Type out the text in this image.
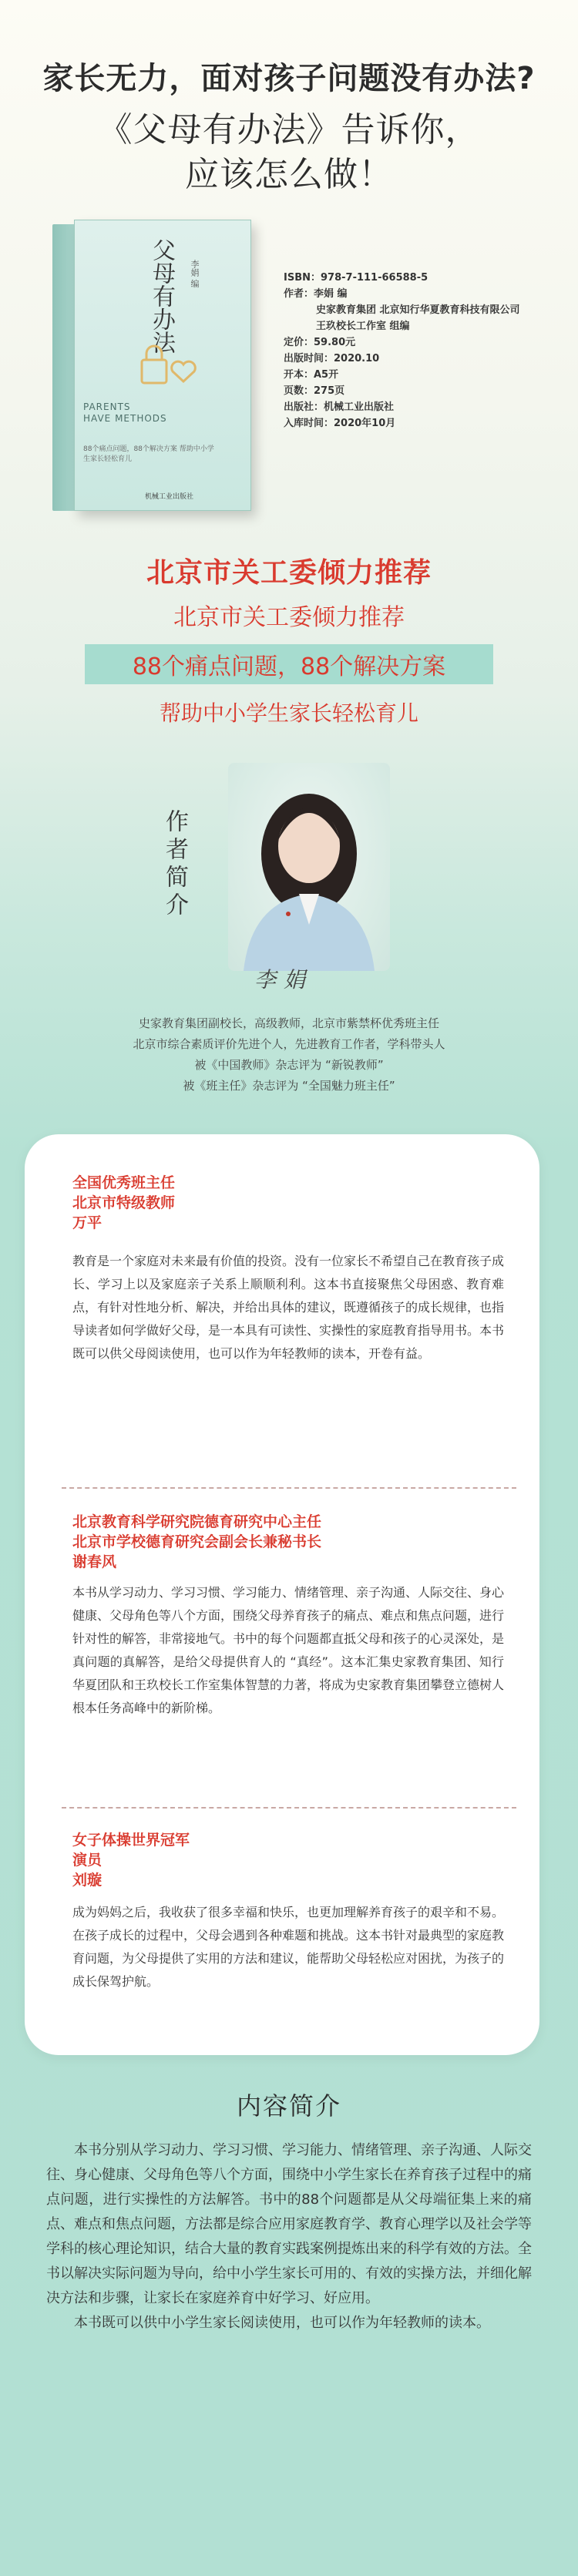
家长无力，面对孩子问题没有办法?
《父母有办法》告诉你，
应该怎么做！
父母有办法 李娟 编
PARENTS
HAVE METHODS
88个痛点问题，88个解决方案 帮助中小学生家长轻松育儿
机械工业出版社
ISBN：978-7-111-66588-5
作者：李娟 编
史家教育集团 北京知行华夏教育科技有限公司
王玖校长工作室 组编
定价：59.80元
出版时间：2020.10
开本：A5开
页数：275页
出版社：机械工业出版社
入库时间：2020年10月
北京市关工委倾力推荐
北京市关工委倾力推荐
88个痛点问题，88个解决方案
帮助中小学生家长轻松育儿
作者简介
李娟
史家教育集团副校长，高级教师，北京市紫禁杯优秀班主任
北京市综合素质评价先进个人，先进教育工作者，学科带头人
被《中国教师》杂志评为 “新锐教师”
被《班主任》杂志评为 “全国魅力班主任”
全国优秀班主任
北京市特级教师
万平
教育是一个家庭对未来最有价值的投资。没有一位家长不希望自己在教育孩子成长、学习上以及家庭亲子关系上顺顺利利。这本书直接聚焦父母困惑、教育难点，有针对性地分析、解决，并给出具体的建议，既遵循孩子的成长规律，也指导读者如何学做好父母，是一本具有可读性、实操性的家庭教育指导用书。本书既可以供父母阅读使用，也可以作为年轻教师的读本，开卷有益。
北京教育科学研究院德育研究中心主任
北京市学校德育研究会副会长兼秘书长
谢春风
本书从学习动力、学习习惯、学习能力、情绪管理、亲子沟通、人际交往、身心健康、父母角色等八个方面，围绕父母养育孩子的痛点、难点和焦点问题，进行针对性的解答，非常接地气。书中的每个问题都直抵父母和孩子的心灵深处，是真问题的真解答，是给父母提供育人的 “真经”。这本汇集史家教育集团、知行华夏团队和王玖校长工作室集体智慧的力著，将成为史家教育集团攀登立德树人根本任务高峰中的新阶梯。
女子体操世界冠军
演员
刘璇
成为妈妈之后，我收获了很多幸福和快乐，也更加理解养育孩子的艰辛和不易。在孩子成长的过程中，父母会遇到各种难题和挑战。这本书针对最典型的家庭教育问题，为父母提供了实用的方法和建议，能帮助父母轻松应对困扰，为孩子的成长保驾护航。
内容简介

本书分别从学习动力、学习习惯、学习能力、情绪管理、亲子沟通、人际交往、身心健康、父母角色等八个方面，围绕中小学生家长在养育孩子过程中的痛点问题，进行实操性的方法解答。书中的88个问题都是从父母端征集上来的痛点、难点和焦点问题，方法都是综合应用家庭教育学、教育心理学以及社会学等学科的核心理论知识，结合大量的教育实践案例提炼出来的科学有效的方法。全书以解决实际问题为导向，给中小学生家长可用的、有效的实操方法，并细化解决方法和步骤，让家长在家庭养育中好学习、好应用。

本书既可以供中小学生家长阅读使用，也可以作为年轻教师的读本。
